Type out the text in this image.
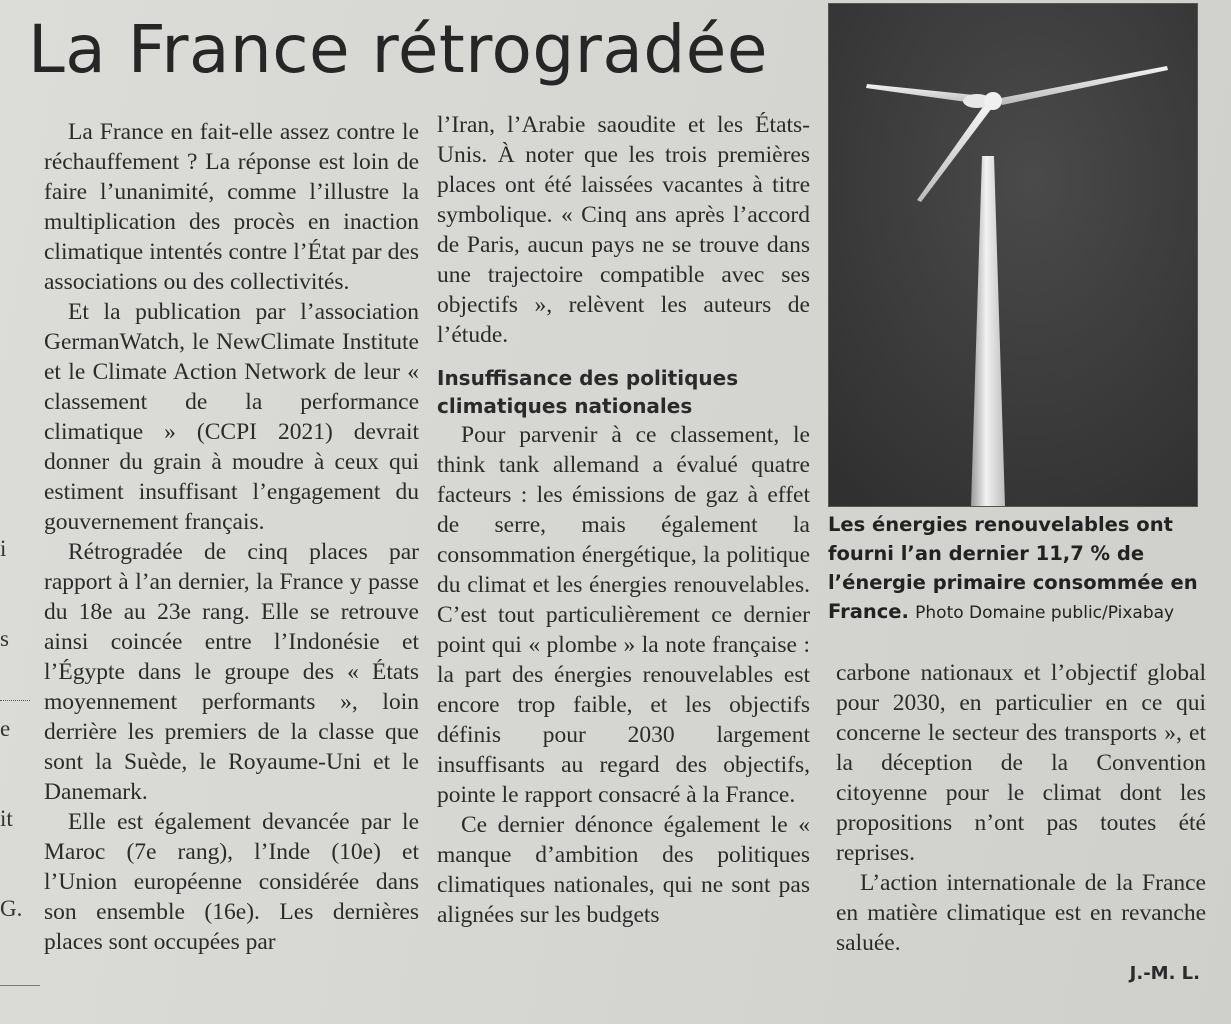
La France rétrogradée

i

s

e

it

G.

La France en fait-elle assez contre le réchauffement ? La réponse est loin de faire l’unanimité, comme l’illustre la multiplication des procès en inaction climatique intentés contre l’État par des associations ou des collectivités.

Et la publication par l’association GermanWatch, le NewClimate Institute et le Climate Action Network de leur « classement de la performance climatique » (CCPI 2021) devrait donner du grain à moudre à ceux qui estiment insuffisant l’engagement du gouvernement français.

Rétrogradée de cinq places par rapport à l’an dernier, la France y passe du 18e au 23e rang. Elle se retrouve ainsi coincée entre l’Indonésie et l’Égypte dans le groupe des « États moyennement performants », loin derrière les premiers de la classe que sont la Suède, le Royaume-Uni et le Danemark.

Elle est également devancée par le Maroc (7e rang), l’Inde (10e) et l’Union européenne considérée dans son ensemble (16e). Les dernières places sont occupées par

l’Iran, l’Arabie saoudite et les États-Unis. À noter que les trois premières places ont été laissées vacantes à titre symbolique. « Cinq ans après l’accord de Paris, aucun pays ne se trouve dans une trajectoire compatible avec ses objectifs », relèvent les auteurs de l’étude.

Insuffisance des politiques climatiques nationales

Pour parvenir à ce classement, le think tank allemand a évalué quatre facteurs : les émissions de gaz à effet de serre, mais également la consommation énergétique, la politique du climat et les énergies renouvelables. C’est tout particulièrement ce dernier point qui « plombe » la note française : la part des énergies renouvelables est encore trop faible, et les objectifs définis pour 2030 largement insuffisants au regard des objectifs, pointe le rapport consacré à la France.

Ce dernier dénonce également le « manque d’ambition des politiques climatiques nationales, qui ne sont pas alignées sur les budgets

Les énergies renouvelables ont fourni l’an dernier 11,7 % de l’énergie primaire consommée en France. Photo Domaine public/Pixabay

carbone nationaux et l’objectif global pour 2030, en particulier en ce qui concerne le secteur des transports », et la déception de la Convention citoyenne pour le climat dont les propositions n’ont pas toutes été reprises.

L’action internationale de la France en matière climatique est en revanche saluée.

J.-M. L.
